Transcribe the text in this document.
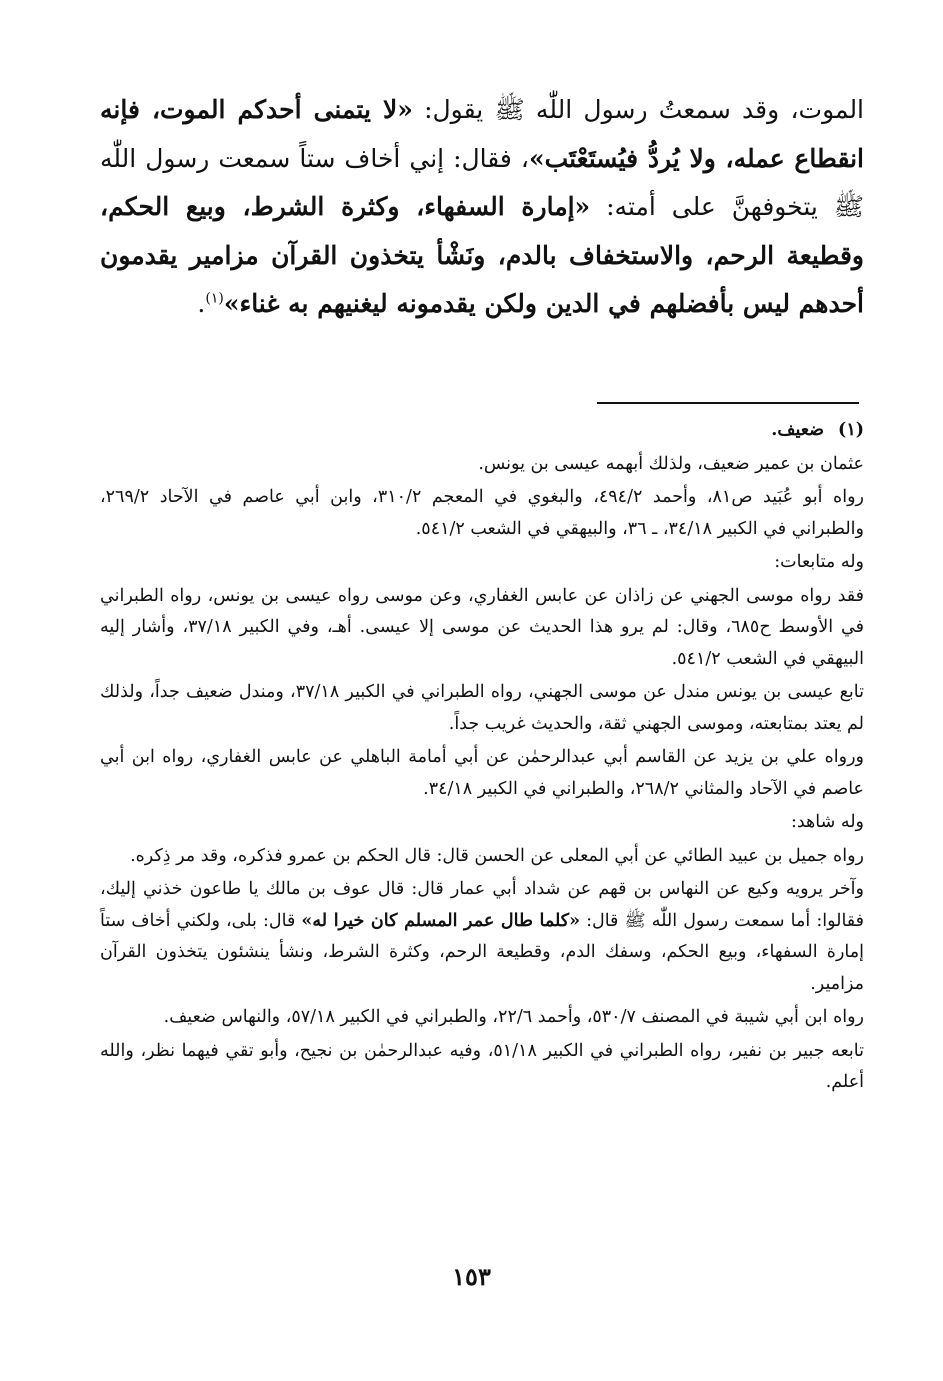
الموت، وقد سمعتُ رسول اللّٰه ﷺ يقول: «لا يتمنى أحدكم الموت، فإنه انقطاع عمله، ولا يُردُّ فيُستَعْتَب»، فقال: إني أخاف ستاً سمعت رسول اللّٰه ﷺ يتخوفهنَّ على أمته: «إمارة السفهاء، وكثرة الشرط، وبيع الحكم، وقطيعة الرحم، والاستخفاف بالدم، ونَشْأ يتخذون القرآن مزامير يقدمون أحدهم ليس بأفضلهم في الدين ولكن يقدمونه ليغنيهم به غناء»$^{(١)}$.

(١)ضعيف.

عثمان بن عمير ضعيف، ولذلك أبهمه عيسى بن يونس.

رواه أبو عُبَيد ص٨١، وأحمد ٤٩٤/٢، والبغوي في المعجم ٣١٠/٢، وابن أبي عاصم في الآحاد ٢٦٩/٢، والطبراني في الكبير ٣٤/١٨، ـ ٣٦، والبيهقي في الشعب ٥٤١/٢.

وله متابعات:

فقد رواه موسى الجهني عن زاذان عن عابس الغفاري، وعن موسى رواه عيسى بن يونس، رواه الطبراني في الأوسط ح٦٨٥، وقال: لم يرو هذا الحديث عن موسى إلا عيسى. أهـ، وفي الكبير ٣٧/١٨، وأشار إليه البيهقي في الشعب ٥٤١/٢.

تابع عيسى بن يونس مندل عن موسى الجهني، رواه الطبراني في الكبير ٣٧/١٨، ومندل ضعيف جداً، ولذلك لم يعتد بمتابعته، وموسى الجهني ثقة، والحديث غريب جداً.

ورواه علي بن يزيد عن القاسم أبي عبدالرحمٰن عن أبي أمامة الباهلي عن عابس الغفاري، رواه ابن أبي عاصم في الآحاد والمثاني ٢٦٨/٢، والطبراني في الكبير ٣٤/١٨.

وله شاهد:

رواه جميل بن عبيد الطائي عن أبي المعلى عن الحسن قال: قال الحكم بن عمرو فذكره، وقد مر ذِكره.

وآخر يرويه وكيع عن النهاس بن قهم عن شداد أبي عمار قال: قال عوف بن مالك يا طاعون خذني إليك، فقالوا: أما سمعت رسول اللّٰه ﷺ قال: «كلما طال عمر المسلم كان خيرا له» قال: بلى، ولكني أخاف ستاً إمارة السفهاء، وبيع الحكم، وسفك الدم، وقطيعة الرحم، وكثرة الشرط، ونشأ ينشئون يتخذون القرآن مزامير.

رواه ابن أبي شيبة في المصنف ٥٣٠/٧، وأحمد ٢٢/٦، والطبراني في الكبير ٥٧/١٨، والنهاس ضعيف.

تابعه جبير بن نفير، رواه الطبراني في الكبير ٥١/١٨، وفيه عبدالرحمٰن بن نجيح، وأبو تقي فيهما نظر، والله أعلم.

١٥٣
